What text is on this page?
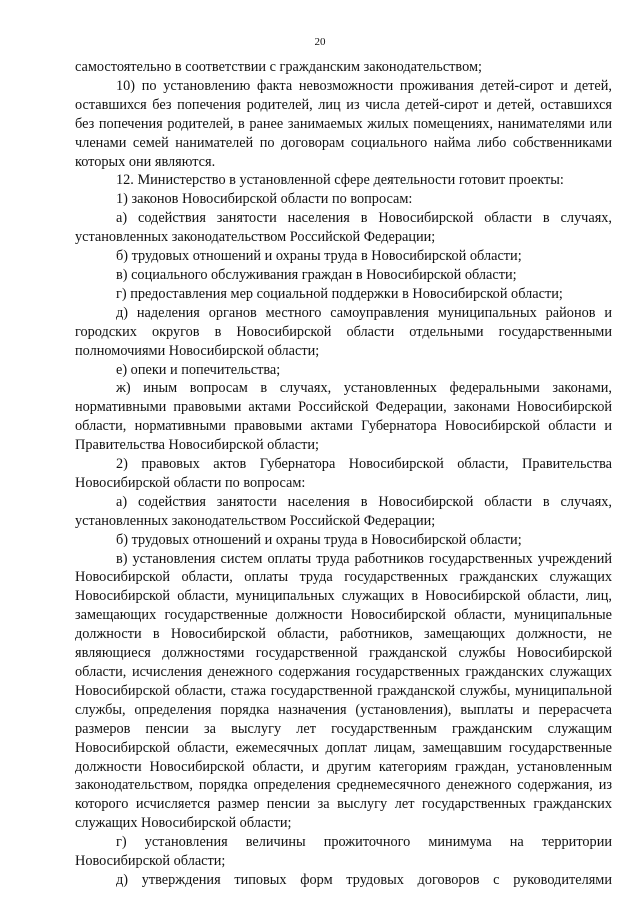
20

самостоятельно в соответствии с гражданским законодательством;

10) по установлению факта невозможности проживания детей-сирот и детей, оставшихся без попечения родителей, лиц из числа детей-сирот и детей, оставшихся без попечения родителей, в ранее занимаемых жилых помещениях, нанимателями или членами семей нанимателей по договорам социального найма либо собственниками которых они являются.

12. Министерство в установленной сфере деятельности готовит проекты:

1) законов Новосибирской области по вопросам:

а) содействия занятости населения в Новосибирской области в случаях, установленных законодательством Российской Федерации;

б) трудовых отношений и охраны труда в Новосибирской области;

в) социального обслуживания граждан в Новосибирской области;

г) предоставления мер социальной поддержки в Новосибирской области;

д) наделения органов местного самоуправления муниципальных районов и городских округов в Новосибирской области отдельными государственными полномочиями Новосибирской области;

е) опеки и попечительства;

ж) иным вопросам в случаях, установленных федеральными законами, нормативными правовыми актами Российской Федерации, законами Новосибирской области, нормативными правовыми актами Губернатора Новосибирской области и Правительства Новосибирской области;

2) правовых актов Губернатора Новосибирской области, Правительства Новосибирской области по вопросам:

а) содействия занятости населения в Новосибирской области в случаях, установленных законодательством Российской Федерации;

б) трудовых отношений и охраны труда в Новосибирской области;

в) установления систем оплаты труда работников государственных учреждений Новосибирской области, оплаты труда государственных гражданских служащих Новосибирской области, муниципальных служащих в Новосибирской области, лиц, замещающих государственные должности Новосибирской области, муниципальные должности в Новосибирской области, работников, замещающих должности, не являющиеся должностями государственной гражданской службы Новосибирской области, исчисления денежного содержания государственных гражданских служащих Новосибирской области, стажа государственной гражданской службы, муниципальной службы, определения порядка назначения (установления), выплаты и перерасчета размеров пенсии за выслугу лет государственным гражданским служащим Новосибирской области, ежемесячных доплат лицам, замещавшим государственные должности Новосибирской области, и другим категориям граждан, установленным законодательством, порядка определения среднемесячного денежного содержания, из которого исчисляется размер пенсии за выслугу лет государственных гражданских служащих Новосибирской области;

г) установления величины прожиточного минимума на территории Новосибирской области;

д) утверждения типовых форм трудовых договоров с руководителями
